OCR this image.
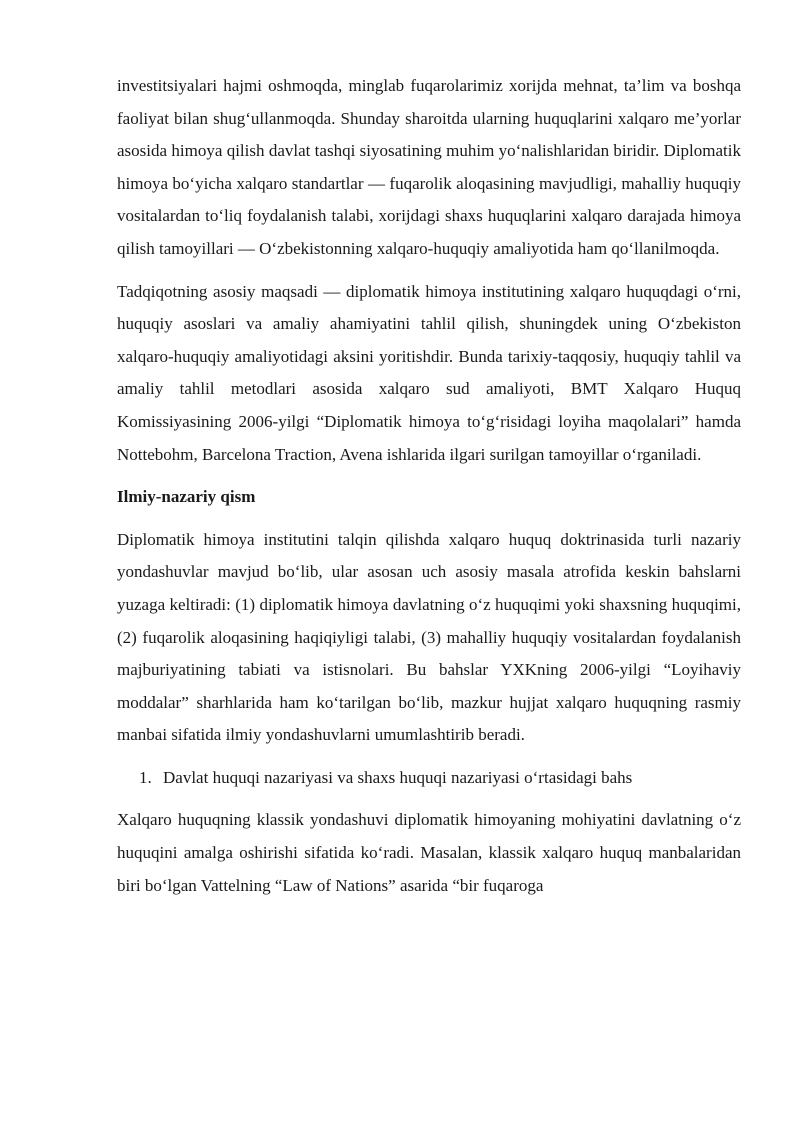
investitsiyalari hajmi oshmoqda, minglab fuqarolarimiz xorijda mehnat, ta’lim va boshqa faoliyat bilan shug‘ullanmoqda. Shunday sharoitda ularning huquqlarini xalqaro me’yorlar asosida himoya qilish davlat tashqi siyosatining muhim yo‘nalishlaridan biridir. Diplomatik himoya bo‘yicha xalqaro standartlar — fuqarolik aloqasining mavjudligi, mahalliy huquqiy vositalardan to‘liq foydalanish talabi, xorijdagi shaxs huquqlarini xalqaro darajada himoya qilish tamoyillari — O‘zbekistonning xalqaro-huquqiy amaliyotida ham qo‘llanilmoqda.

Tadqiqotning asosiy maqsadi — diplomatik himoya institutining xalqaro huquqdagi o‘rni, huquqiy asoslari va amaliy ahamiyatini tahlil qilish, shuningdek uning O‘zbekiston xalqaro-huquqiy amaliyotidagi aksini yoritishdir. Bunda tarixiy-taqqosiy, huquqiy tahlil va amaliy tahlil metodlari asosida xalqaro sud amaliyoti, BMT Xalqaro Huquq Komissiyasining 2006-yilgi “Diplomatik himoya to‘g‘risidagi loyiha maqolalari” hamda Nottebohm, Barcelona Traction, Avena ishlarida ilgari surilgan tamoyillar o‘rganiladi.

Ilmiy-nazariy qism

Diplomatik himoya institutini talqin qilishda xalqaro huquq doktrinasida turli nazariy yondashuvlar mavjud bo‘lib, ular asosan uch asosiy masala atrofida keskin bahslarni yuzaga keltiradi: (1) diplomatik himoya davlatning o‘z huquqimi yoki shaxsning huquqimi, (2) fuqarolik aloqasining haqiqiyligi talabi, (3) mahalliy huquqiy vositalardan foydalanish majburiyatining tabiati va istisnolari. Bu bahslar YXKning 2006-yilgi “Loyihaviy moddalar” sharhlarida ham ko‘tarilgan bo‘lib, mazkur hujjat xalqaro huquqning rasmiy manbai sifatida ilmiy yondashuvlarni umumlashtirib beradi.

1. Davlat huquqi nazariyasi va shaxs huquqi nazariyasi o‘rtasidagi bahs

Xalqaro huquqning klassik yondashuvi diplomatik himoyaning mohiyatini davlatning o‘z huquqini amalga oshirishi sifatida ko‘radi. Masalan, klassik xalqaro huquq manbalaridan biri bo‘lgan Vattelning “Law of Nations” asarida “bir fuqaroga
